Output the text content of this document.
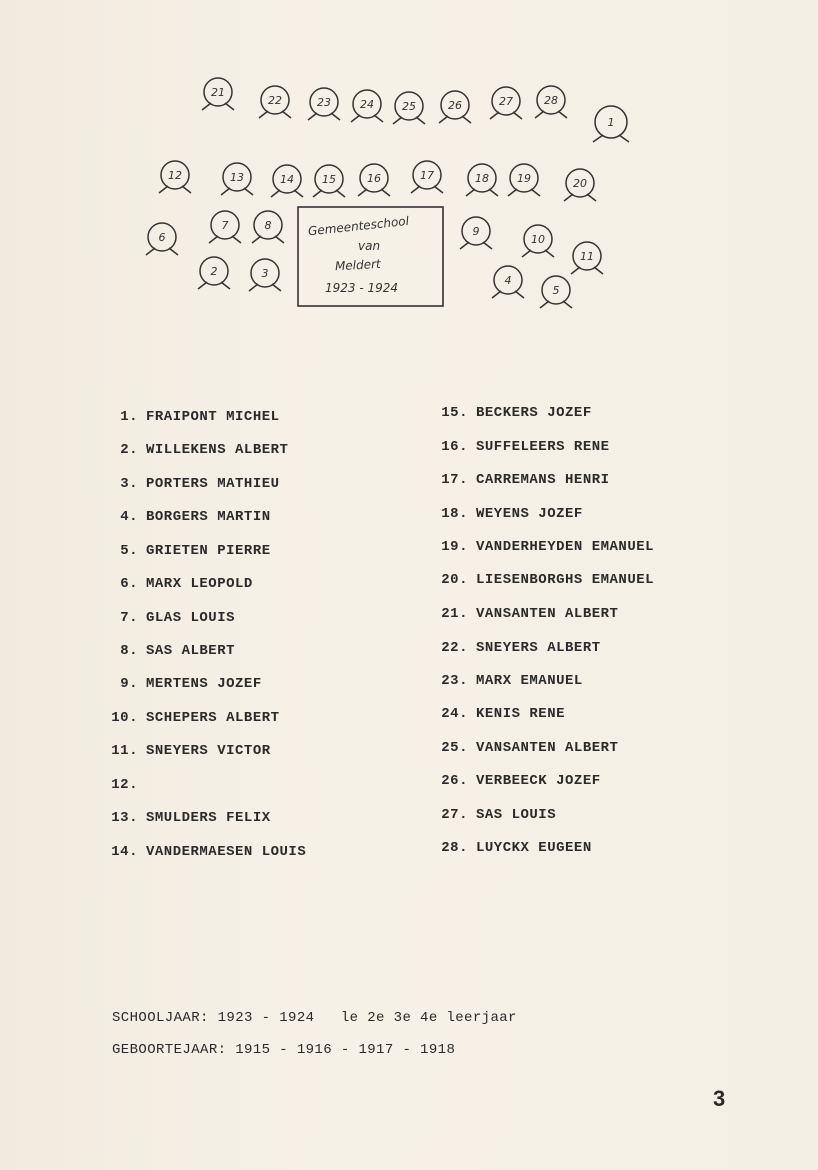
21
22	23	24	25	26	27	28
1
12	13	14	15	16	17	18	19	20
6
7	8	9
10
11
2	3
4
5
Gemeenteschool
van
Meldert
1923 - 1924
1. FRAIPONT MICHEL
2. WILLEKENS ALBERT
3. PORTERS MATHIEU
4. BORGERS MARTIN
5. GRIETEN PIERRE
6. MARX LEOPOLD
7. GLAS LOUIS
8. SAS ALBERT
9. MERTENS JOZEF
10. SCHEPERS ALBERT
11. SNEYERS VICTOR
12.
13. SMULDERS FELIX
14. VANDERMAESEN LOUIS
15. BECKERS JOZEF
16. SUFFELEERS RENE
17. CARREMANS HENRI
18. WEYENS JOZEF
19. VANDERHEYDEN EMANUEL
20. LIESENBORGHS EMANUEL
21. VANSANTEN ALBERT
22. SNEYERS ALBERT
23. MARX EMANUEL
24. KENIS RENE
25. VANSANTEN ALBERT
26. VERBEECK JOZEF
27. SAS LOUIS
28. LUYCKX EUGEEN
SCHOOLJAAR: 1923 - 1924   le 2e 3e 4e leerjaar
GEBOORTEJAAR: 1915 - 1916 - 1917 - 1918
3
